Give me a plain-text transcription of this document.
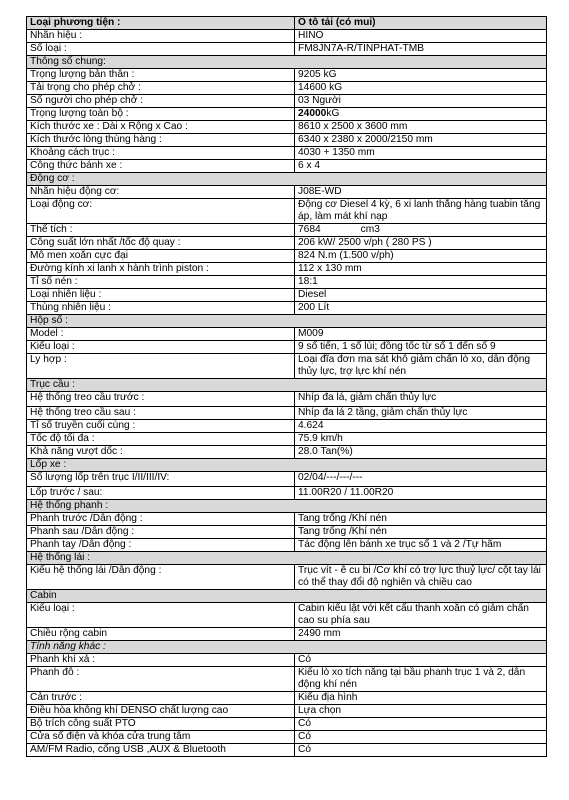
Loại phương tiện :	Ô tô tải (có mui)
Nhãn hiệu :	HINO
Số loại :	FM8JN7A-R/TINPHAT-TMB
Thông số chung:	
Trọng lượng bản thân :	9205 kG
Tải trọng cho phép chở :	14600 kG
Số người cho phép chở :	03 Người
Trọng lượng toàn bộ :	24000kG
Kích thước xe : Dài x Rộng x Cao :	8610 x 2500 x 3600 mm
Kích thước lòng thùng hàng :	6340 x 2380 x 2000/2150 mm
Khoảng cách trục :	4030 + 1350 mm
Công thức bánh xe :	6 x 4
Động cơ :	
Nhãn hiệu động cơ:	J08E-WD
Loại động cơ:	Động cơ Diesel 4 kỳ, 6 xi lanh thẳng hàng tuabin tăng áp, làm mát khí nạp
Thể tích :	7684 cm3
Công suất lớn nhất /tốc độ quay :	206 kW/ 2500 v/ph ( 280 PS )
Mô men xoắn cực đại	824 N.m (1.500 v/ph)
Đường kính xi lanh x hành trình piston :	112 x 130 mm
Tỉ số nén :	18:1
Loại nhiên liệu :	Diesel
Thùng nhiên liệu :	200 Lít
Hộp số :	
Model :	M009
Kiểu loại :	9 số tiến, 1 số lùi; đồng tốc từ số 1 đến số 9
Ly hợp :	Loại đĩa đơn ma sát khô giảm chấn lò xo, dẫn động thủy lực, trợ lực khí nén
Trục cầu :	
Hệ thống treo cầu trước :	Nhíp đa lá, giảm chấn thủy lực
Hệ thống treo cầu sau :	Nhíp đa lá 2 tầng, giảm chấn thủy lực
Tỉ số truyền cuối cùng :	4.624
Tốc độ tối đa :	75.9 km/h
Khả năng vượt dốc :	28.0 Tan(%)
Lốp xe :	
Số lượng lốp trên trục I/II/III/IV:	02/04/---/---/---
Lốp trước / sau:	11.00R20 / 11.00R20
Hệ thống phanh :	
Phanh trước /Dẫn động :	Tang trống /Khí nén
Phanh sau /Dẫn động :	Tang trống /Khí nén
Phanh tay /Dẫn động :	Tác động lên bánh xe trục số 1 và 2 /Tự hãm
Hệ thống lái :	
Kiểu hệ thống lái /Dẫn động :	Trục vít - ê cu bi /Cơ khí có trợ lực thuỷ lực/ cột tay lái có thể thay đổi độ nghiên và chiều cao
Cabin	
Kiểu loại :	Cabin kiểu lật với kết cấu thanh xoắn có giảm chấn cao su phía sau
Chiều rộng cabin	2490 mm
Tính năng khác :	
Phanh khí xả :	Có
Phanh đỗ :	Kiểu lò xo tích năng tại bầu phanh trục 1 và 2, dẫn động khí nén
Cản trước :	Kiểu địa hình
Điều hòa không khí DENSO chất lượng cao	Lựa chọn
Bộ trích công suất PTO	Có
Cửa số điện và khóa cửa trung tâm	Có
AM/FM Radio, cổng USB ,AUX & Bluetooth	Có
